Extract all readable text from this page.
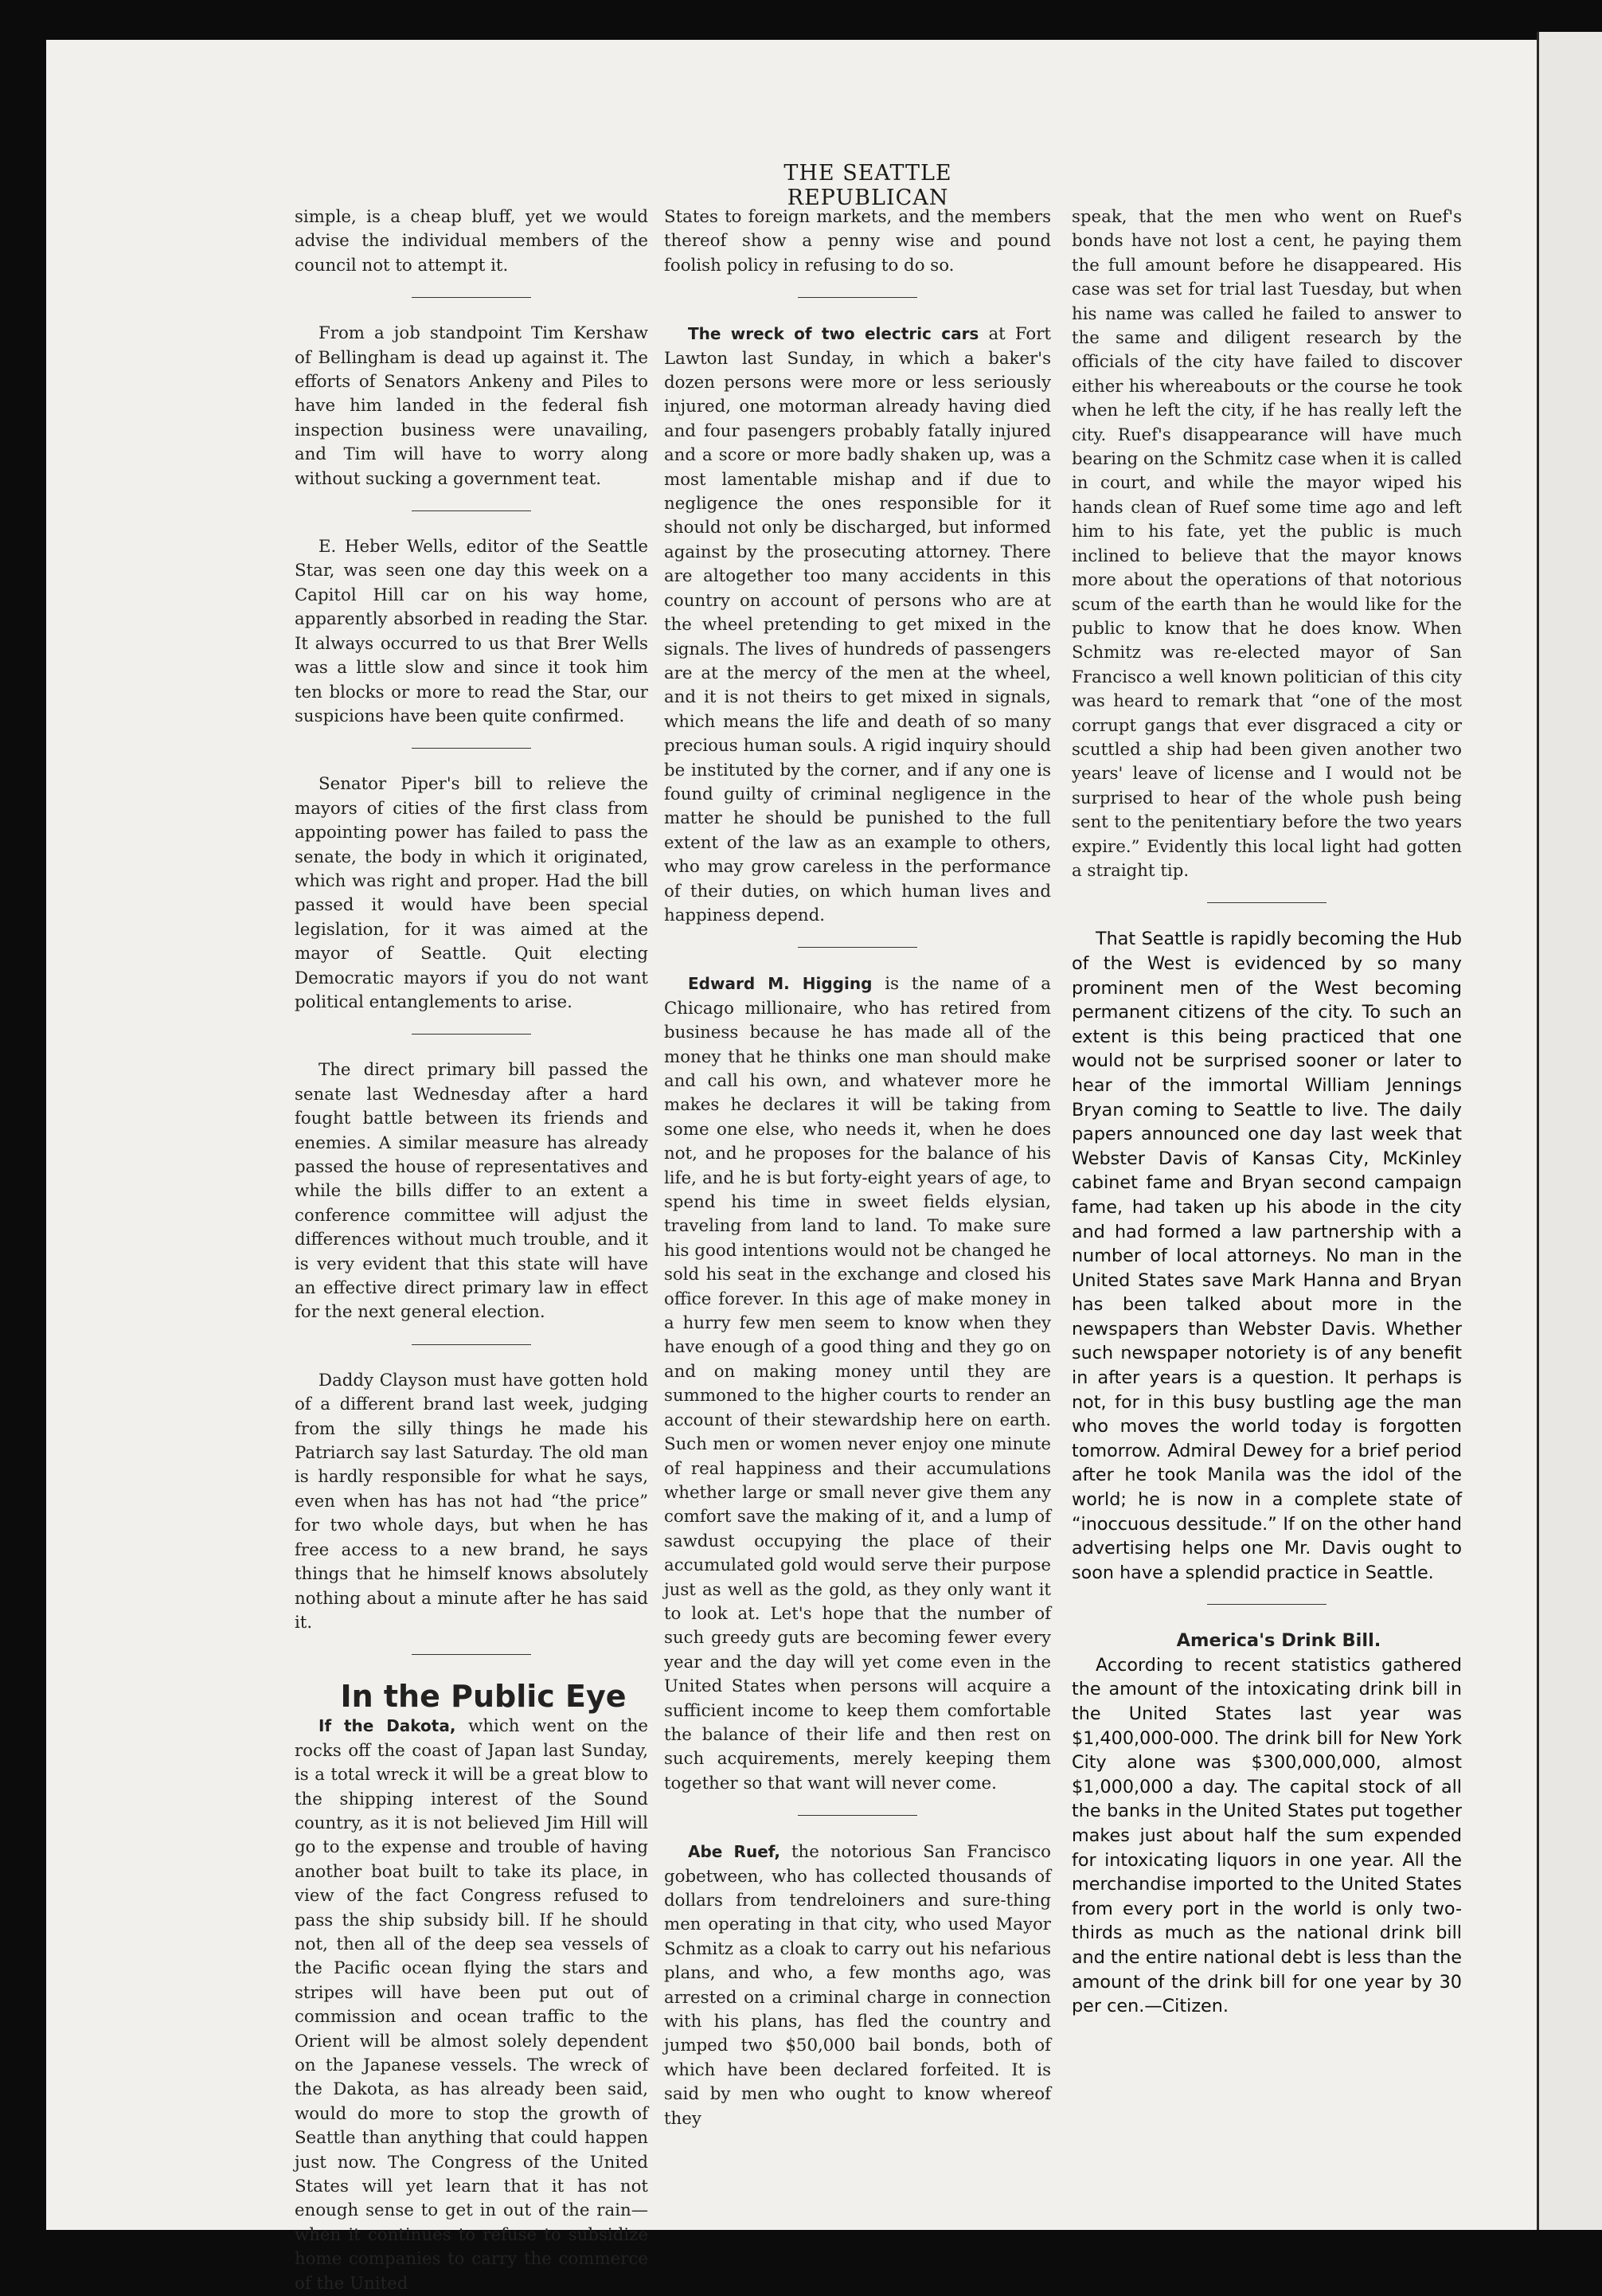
THE SEATTLE REPUBLICAN

simple, is a cheap bluff, yet we would advise the individual members of the council not to attempt it.

From a job standpoint Tim Kershaw of Bellingham is dead up against it. The efforts of Senators Ankeny and Piles to have him landed in the federal fish inspection business were unavailing, and Tim will have to worry along without sucking a government teat.

E. Heber Wells, editor of the Seattle Star, was seen one day this week on a Capitol Hill car on his way home, apparently absorbed in reading the Star. It always occurred to us that Brer Wells was a little slow and since it took him ten blocks or more to read the Star, our suspicions have been quite confirmed.

Senator Piper's bill to relieve the mayors of cities of the first class from appointing power has failed to pass the senate, the body in which it originated, which was right and proper. Had the bill passed it would have been special legislation, for it was aimed at the mayor of Seattle. Quit electing Democratic mayors if you do not want political entanglements to arise.

The direct primary bill passed the senate last Wednesday after a hard fought battle between its friends and enemies. A similar measure has already passed the house of representatives and while the bills differ to an extent a conference committee will adjust the differences without much trouble, and it is very evident that this state will have an effective direct primary law in effect for the next general election.

Daddy Clayson must have gotten hold of a different brand last week, judging from the silly things he made his Patriarch say last Saturday. The old man is hardly responsible for what he says, even when has has not had “the price” for two whole days, but when he has free access to a new brand, he says things that he himself knows absolutely nothing about a minute after he has said it.

In the Public Eye

If the Dakota, which went on the rocks off the coast of Japan last Sunday, is a total wreck it will be a great blow to the shipping interest of the Sound country, as it is not believed Jim Hill will go to the expense and trouble of having another boat built to take its place, in view of the fact Congress refused to pass the ship subsidy bill. If he should not, then all of the deep sea vessels of the Pacific ocean flying the stars and stripes will have been put out of commission and ocean traffic to the Orient will be almost solely dependent on the Japanese vessels. The wreck of the Dakota, as has already been said, would do more to stop the growth of Seattle than anything that could happen just now. The Congress of the United States will yet learn that it has not enough sense to get in out of the rain—when it continues to refuse to subsidize home companies to carry the commerce of the United

States to foreign markets, and the members thereof show a penny wise and pound foolish policy in refusing to do so.

The wreck of two electric cars at Fort Lawton last Sunday, in which a baker's dozen persons were more or less seriously injured, one motorman already having died and four pasengers probably fatally injured and a score or more badly shaken up, was a most lamentable mishap and if due to negligence the ones responsible for it should not only be discharged, but informed against by the prosecuting attorney. There are altogether too many accidents in this country on account of persons who are at the wheel pretending to get mixed in the signals. The lives of hundreds of passengers are at the mercy of the men at the wheel, and it is not theirs to get mixed in signals, which means the life and death of so many precious human souls. A rigid inquiry should be instituted by the corner, and if any one is found guilty of criminal negligence in the matter he should be punished to the full extent of the law as an example to others, who may grow careless in the performance of their duties, on which human lives and happiness depend.

Edward M. Higging is the name of a Chicago millionaire, who has retired from business because he has made all of the money that he thinks one man should make and call his own, and whatever more he makes he declares it will be taking from some one else, who needs it, when he does not, and he proposes for the balance of his life, and he is but forty-eight years of age, to spend his time in sweet fields elysian, traveling from land to land. To make sure his good intentions would not be changed he sold his seat in the exchange and closed his office forever. In this age of make money in a hurry few men seem to know when they have enough of a good thing and they go on and on making money until they are summoned to the higher courts to render an account of their stewardship here on earth. Such men or women never enjoy one minute of real happiness and their accumulations whether large or small never give them any comfort save the making of it, and a lump of sawdust occupying the place of their accumulated gold would serve their purpose just as well as the gold, as they only want it to look at. Let's hope that the number of such greedy guts are becoming fewer every year and the day will yet come even in the United States when persons will acquire a sufficient income to keep them comfortable the balance of their life and then rest on such acquirements, merely keeping them together so that want will never come.

Abe Ruef, the notorious San Francisco gobetween, who has collected thousands of dollars from tendreloiners and sure-thing men operating in that city, who used Mayor Schmitz as a cloak to carry out his nefarious plans, and who, a few months ago, was arrested on a criminal charge in connection with his plans, has fled the country and jumped two $50,000 bail bonds, both of which have been declared forfeited. It is said by men who ought to know whereof they

speak, that the men who went on Ruef's bonds have not lost a cent, he paying them the full amount before he disappeared. His case was set for trial last Tuesday, but when his name was called he failed to answer to the same and diligent research by the officials of the city have failed to discover either his whereabouts or the course he took when he left the city, if he has really left the city. Ruef's disappearance will have much bearing on the Schmitz case when it is called in court, and while the mayor wiped his hands clean of Ruef some time ago and left him to his fate, yet the public is much inclined to believe that the mayor knows more about the operations of that notorious scum of the earth than he would like for the public to know that he does know. When Schmitz was re-elected mayor of San Francisco a well known politician of this city was heard to remark that “one of the most corrupt gangs that ever disgraced a city or scuttled a ship had been given another two years' leave of license and I would not be surprised to hear of the whole push being sent to the penitentiary before the two years expire.” Evidently this local light had gotten a straight tip.

That Seattle is rapidly becoming the Hub of the West is evidenced by so many prominent men of the West becoming permanent citizens of the city. To such an extent is this being practiced that one would not be surprised sooner or later to hear of the immortal William Jennings Bryan coming to Seattle to live. The daily papers announced one day last week that Webster Davis of Kansas City, McKinley cabinet fame and Bryan second campaign fame, had taken up his abode in the city and had formed a law partnership with a number of local attorneys. No man in the United States save Mark Hanna and Bryan has been talked about more in the newspapers than Webster Davis. Whether such newspaper notoriety is of any benefit in after years is a question. It perhaps is not, for in this busy bustling age the man who moves the world today is forgotten tomorrow. Admiral Dewey for a brief period after he took Manila was the idol of the world; he is now in a complete state of “inoccuous dessitude.” If on the other hand advertising helps one Mr. Davis ought to soon have a splendid practice in Seattle.

America's Drink Bill.

According to recent statistics gathered the amount of the intoxicating drink bill in the United States last year was $1,400,000-000. The drink bill for New York City alone was $300,000,000, almost $1,000,000 a day. The capital stock of all the banks in the United States put together makes just about half the sum expended for intoxicating liquors in one year. All the merchandise imported to the United States from every port in the world is only two-thirds as much as the national drink bill and the entire national debt is less than the amount of the drink bill for one year by 30 per cen.—Citizen.
